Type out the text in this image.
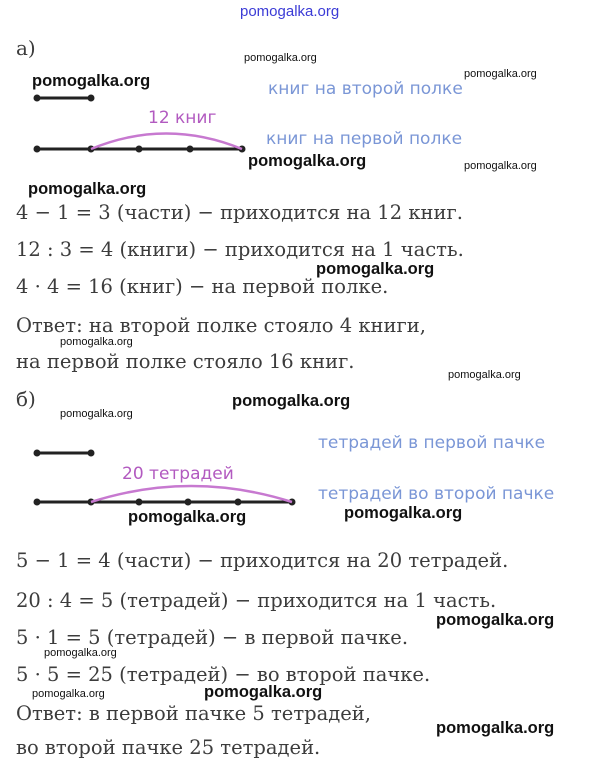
pomogalka.org
а)
12 книг
книг на второй полке
книг на первой полке
4 − 1 = 3 (части) − приходится на 12 книг.
12 : 3 = 4 (книги) − приходится на 1 часть.
4 · 4 = 16 (книг) − на первой полке.
Ответ: на второй полке стояло 4 книги,
на первой полке стояло 16 книг.
б)
20 тетрадей
тетрадей в первой пачке
тетрадей во второй пачке
5 − 1 = 4 (части) − приходится на 20 тетрадей.
20 : 4 = 5 (тетрадей) − приходится на 1 часть.
5 · 1 = 5 (тетрадей) − в первой пачке.
5 · 5 = 25 (тетрадей) − во второй пачке.
Ответ: в первой пачке 5 тетрадей,
во второй пачке 25 тетрадей.
pomogalka.org
pomogalka.org
pomogalka.org
pomogalka.org
pomogalka.org
pomogalka.org	pomogalka.org
pomogalka.org
pomogalka.org
pomogalka.org
pomogalka.org
pomogalka.org
pomogalka.org
pomogalka.org
pomogalka.org
pomogalka.org
pomogalka.org
pomogalka.org
